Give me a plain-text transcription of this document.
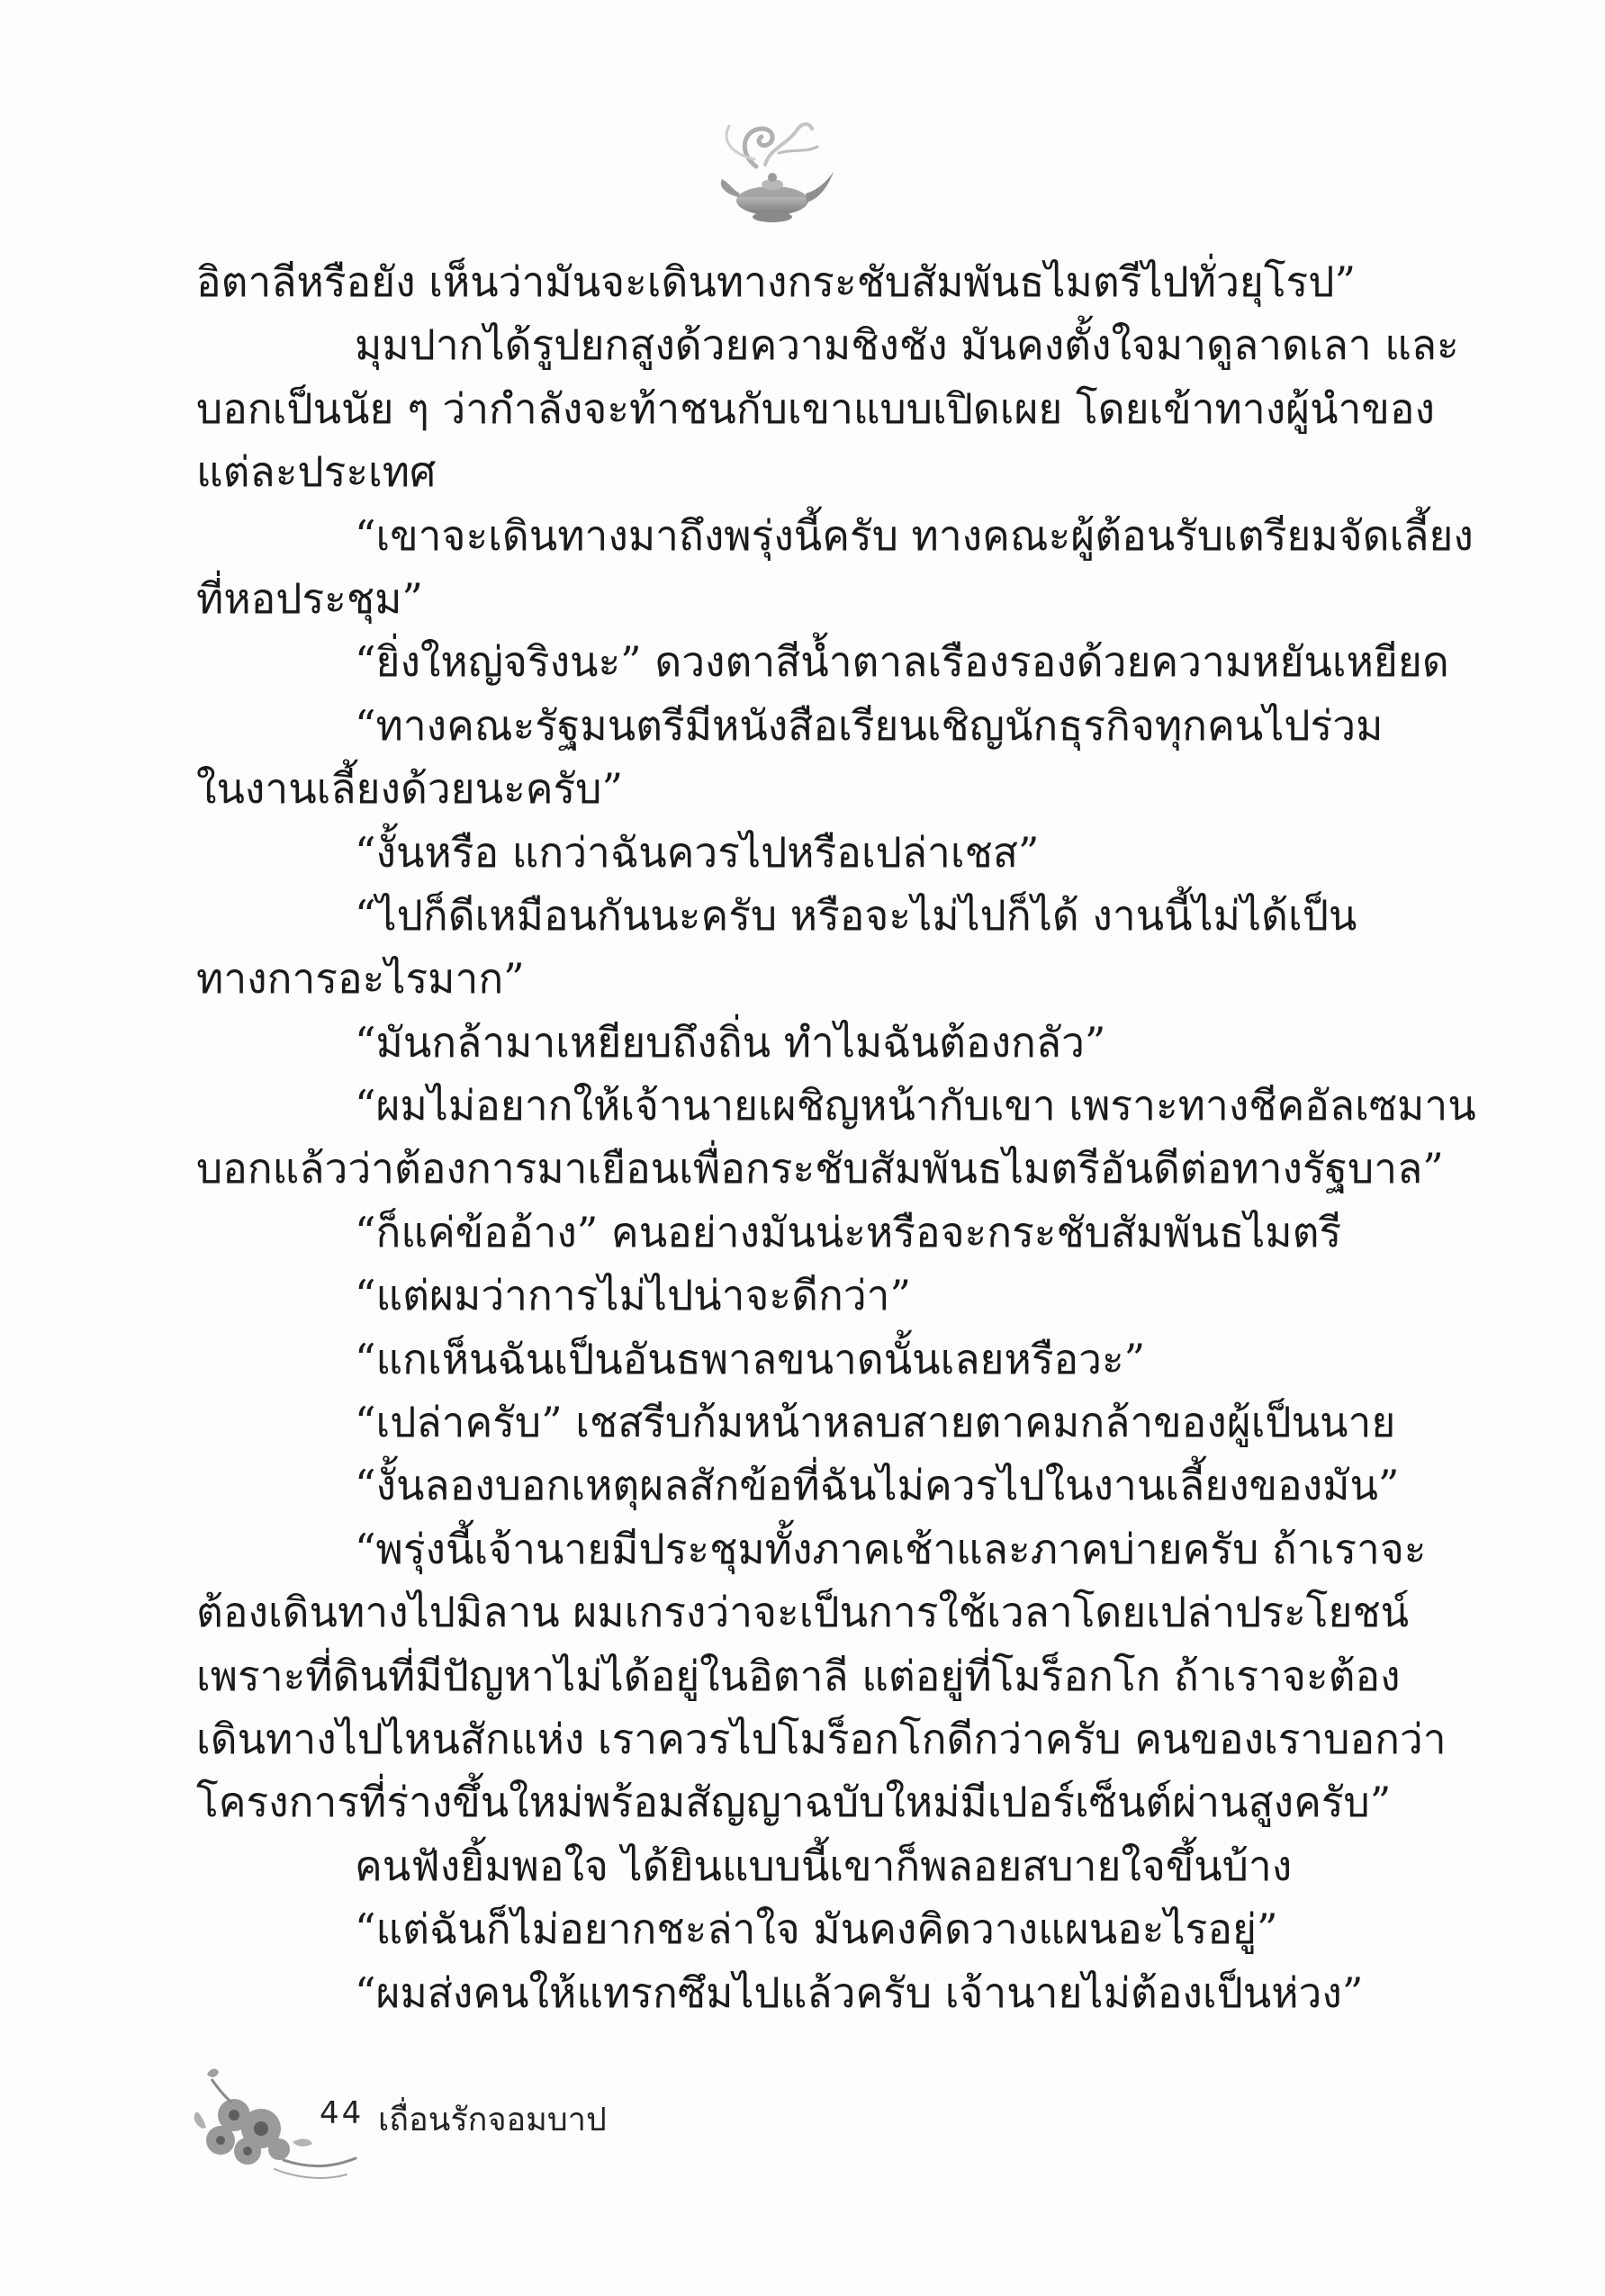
อิตาลีหรือยัง เห็นว่ามันจะเดินทางกระชับสัมพันธไมตรีไปทั่วยุโรป”
มุมปากได้รูปยกสูงด้วยความชิงชัง มันคงตั้งใจมาดูลาดเลา และ
บอกเป็นนัย ๆ ว่ากำลังจะท้าชนกับเขาแบบเปิดเผย โดยเข้าทางผู้นำของ
แต่ละประเทศ
“เขาจะเดินทางมาถึงพรุ่งนี้ครับ ทางคณะผู้ต้อนรับเตรียมจัดเลี้ยง
ที่หอประชุม”
“ยิ่งใหญ่จริงนะ” ดวงตาสีน้ำตาลเรืองรองด้วยความหยันเหยียด
“ทางคณะรัฐมนตรีมีหนังสือเรียนเชิญนักธุรกิจทุกคนไปร่วม
ในงานเลี้ยงด้วยนะครับ”
“งั้นหรือ แกว่าฉันควรไปหรือเปล่าเชส”
“ไปก็ดีเหมือนกันนะครับ หรือจะไม่ไปก็ได้ งานนี้ไม่ได้เป็น
ทางการอะไรมาก”
“มันกล้ามาเหยียบถึงถิ่น ทำไมฉันต้องกลัว”
“ผมไม่อยากให้เจ้านายเผชิญหน้ากับเขา เพราะทางชีคอัลเซมาน
บอกแล้วว่าต้องการมาเยือนเพื่อกระชับสัมพันธไมตรีอันดีต่อทางรัฐบาล”
“ก็แค่ข้ออ้าง” คนอย่างมันน่ะหรือจะกระชับสัมพันธไมตรี
“แต่ผมว่าการไม่ไปน่าจะดีกว่า”
“แกเห็นฉันเป็นอันธพาลขนาดนั้นเลยหรือวะ”
“เปล่าครับ” เชสรีบก้มหน้าหลบสายตาคมกล้าของผู้เป็นนาย
“งั้นลองบอกเหตุผลสักข้อที่ฉันไม่ควรไปในงานเลี้ยงของมัน”
“พรุ่งนี้เจ้านายมีประชุมทั้งภาคเช้าและภาคบ่ายครับ ถ้าเราจะ
ต้องเดินทางไปมิลาน ผมเกรงว่าจะเป็นการใช้เวลาโดยเปล่าประโยชน์
เพราะที่ดินที่มีปัญหาไม่ได้อยู่ในอิตาลี แต่อยู่ที่โมร็อกโก ถ้าเราจะต้อง
เดินทางไปไหนสักแห่ง เราควรไปโมร็อกโกดีกว่าครับ คนของเราบอกว่า
โครงการที่ร่างขึ้นใหม่พร้อมสัญญาฉบับใหม่มีเปอร์เซ็นต์ผ่านสูงครับ”
คนฟังยิ้มพอใจ ได้ยินแบบนี้เขาก็พลอยสบายใจขึ้นบ้าง
“แต่ฉันก็ไม่อยากชะล่าใจ มันคงคิดวางแผนอะไรอยู่”
“ผมส่งคนให้แทรกซึมไปแล้วครับ เจ้านายไม่ต้องเป็นห่วง”
44 เถื่อนรักจอมบาป
